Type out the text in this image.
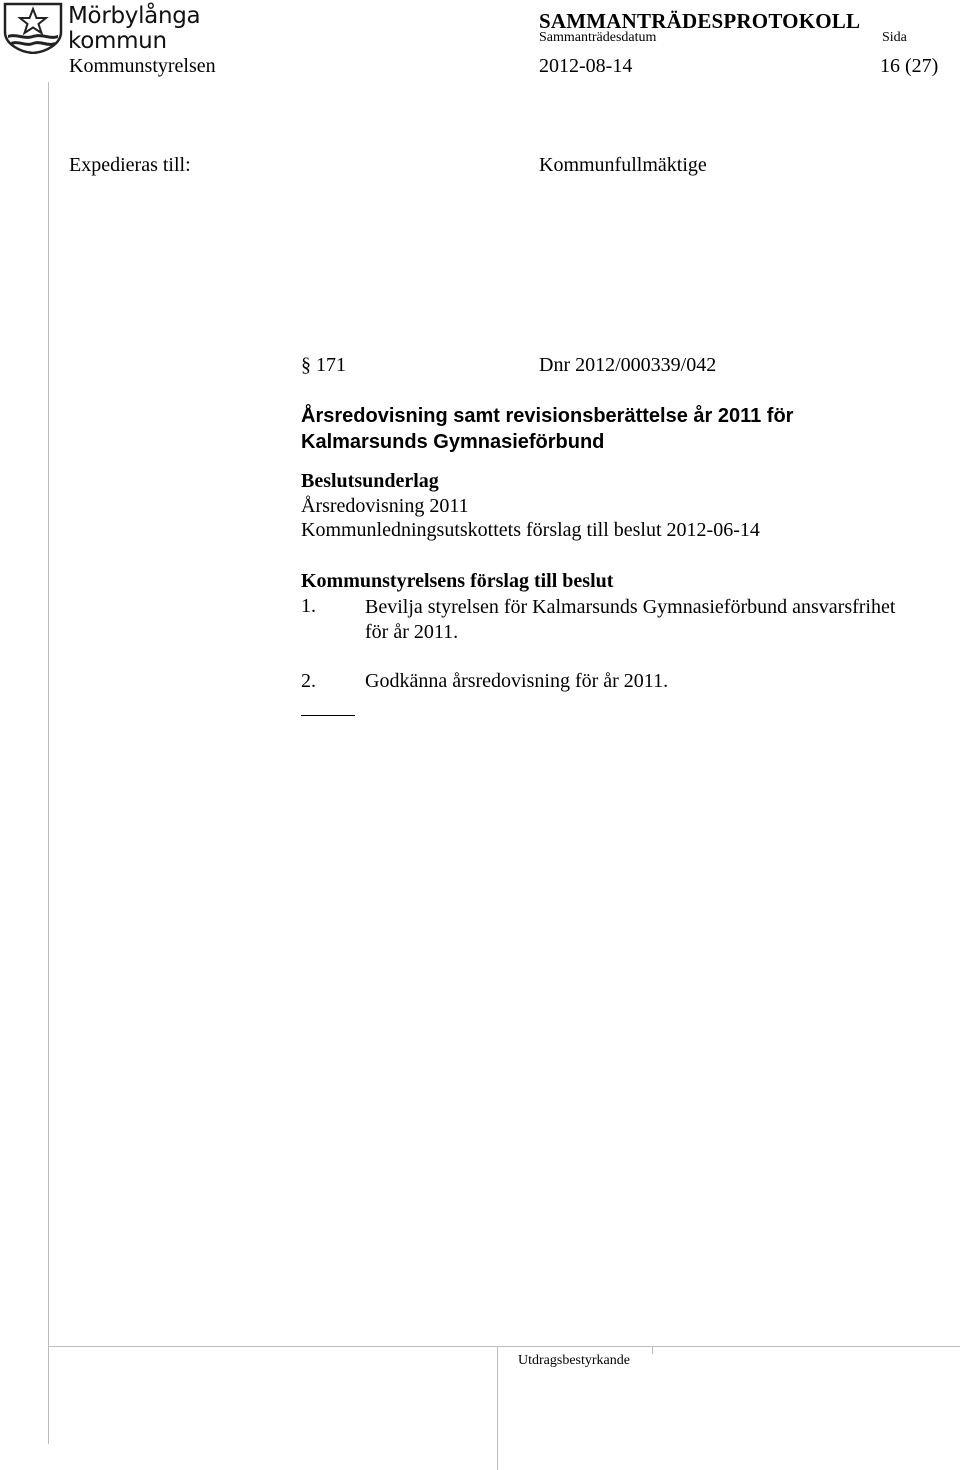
Mörbylånga
kommun
SAMMANTRÄDESPROTOKOLL
Sammanträdesdatum	Sida
Kommunstyrelsen	2012-08-14	16 (27)
Expedieras till:	Kommunfullmäktige
§ 171	Dnr 2012/000339/042
Årsredovisning samt revisionsberättelse år 2011 för
Kalmarsunds Gymnasieförbund
Beslutsunderlag
Årsredovisning 2011
Kommunledningsutskottets förslag till beslut 2012-06-14
Kommunstyrelsens förslag till beslut
1. Bevilja styrelsen för Kalmarsunds Gymnasieförbund ansvarsfrihet
för år 2011.
2. Godkänna årsredovisning för år 2011.
Utdragsbestyrkande
